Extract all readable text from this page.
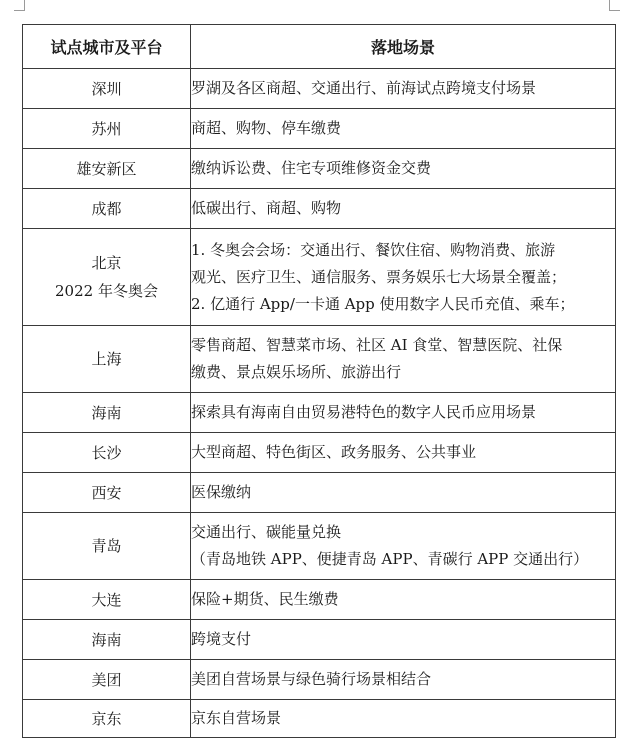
试点城市及平台	落地场景

深圳	罗湖及各区商超、交通出行、前海试点跨境支付场景

苏州	商超、购物、停车缴费

雄安新区	缴纳诉讼费、住宅专项维修资金交费

成都	低碳出行、商超、购物

北京
2022 年冬奥会	1. 冬奥会会场：交通出行、餐饮住宿、购物消费、旅游
观光、医疗卫生、通信服务、票务娱乐七大场景全覆盖；
2. 亿通行 App/一卡通 App 使用数字人民币充值、乘车；

上海	零售商超、智慧菜市场、社区 AI 食堂、智慧医院、社保
缴费、景点娱乐场所、旅游出行

海南	探索具有海南自由贸易港特色的数字人民币应用场景

长沙	大型商超、特色街区、政务服务、公共事业

西安	医保缴纳

青岛	交通出行、碳能量兑换
（青岛地铁 APP、便捷青岛 APP、青碳行 APP 交通出行）

大连	保险+期货、民生缴费

海南	跨境支付

美团	美团自营场景与绿色骑行场景相结合

京东	京东自营场景
